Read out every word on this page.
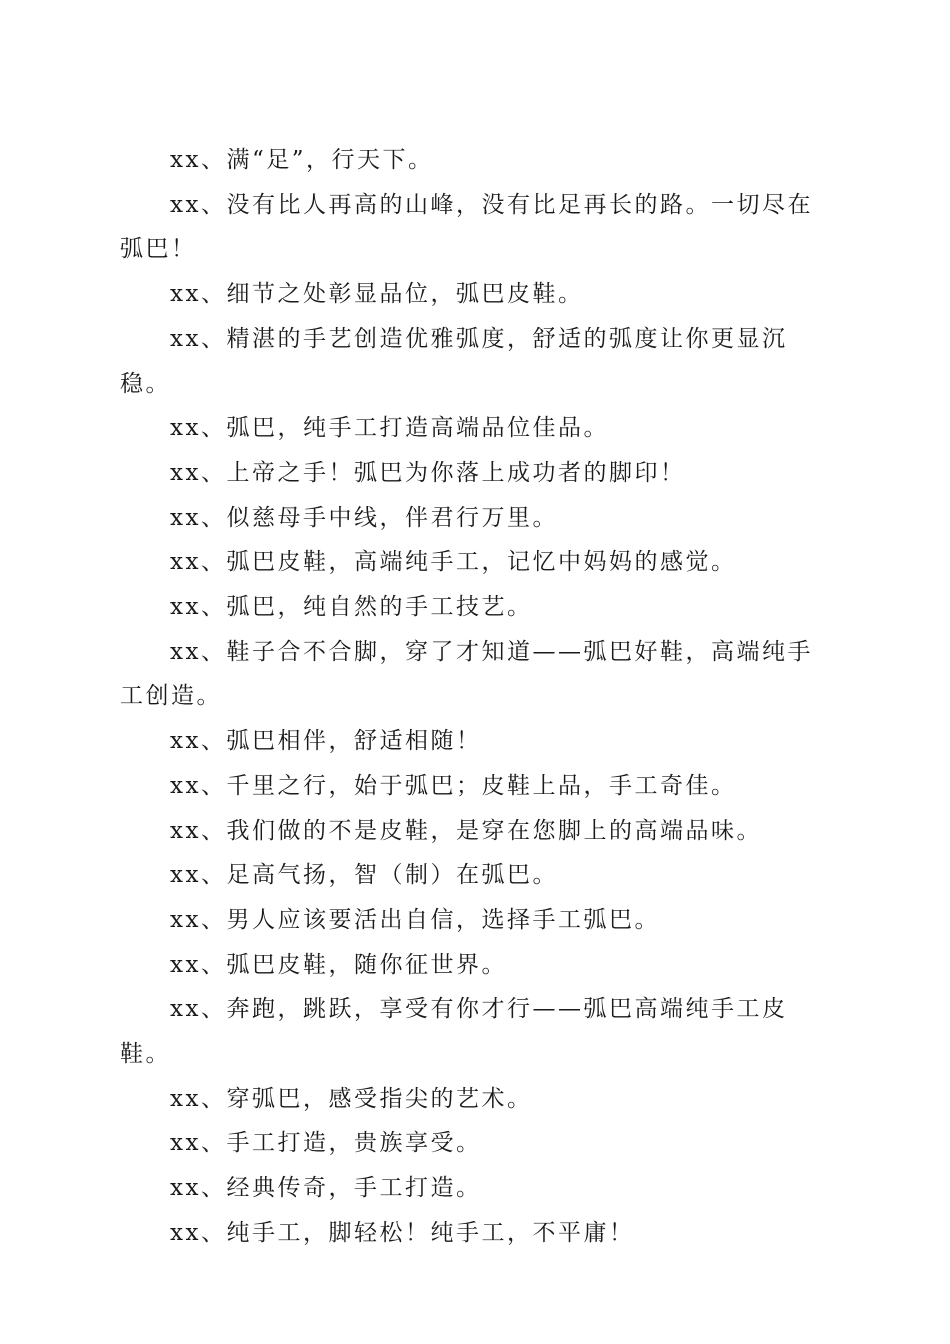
xx、满“足”，行天下。

xx、没有比人再高的山峰，没有比足再长的路。一切尽在弧巴！

xx、细节之处彰显品位，弧巴皮鞋。

xx、精湛的手艺创造优雅弧度，舒适的弧度让你更显沉稳。

xx、弧巴，纯手工打造高端品位佳品。

xx、上帝之手！弧巴为你落上成功者的脚印！

xx、似慈母手中线，伴君行万里。

xx、弧巴皮鞋，高端纯手工，记忆中妈妈的感觉。

xx、弧巴，纯自然的手工技艺。

xx、鞋子合不合脚，穿了才知道——弧巴好鞋，高端纯手工创造。

xx、弧巴相伴，舒适相随！

xx、千里之行，始于弧巴；皮鞋上品，手工奇佳。

xx、我们做的不是皮鞋，是穿在您脚上的高端品味。

xx、足高气扬，智（制）在弧巴。

xx、男人应该要活出自信，选择手工弧巴。

xx、弧巴皮鞋，随你征世界。

xx、奔跑，跳跃，享受有你才行——弧巴高端纯手工皮鞋。

xx、穿弧巴，感受指尖的艺术。

xx、手工打造，贵族享受。

xx、经典传奇，手工打造。

xx、纯手工，脚轻松！纯手工，不平庸！
